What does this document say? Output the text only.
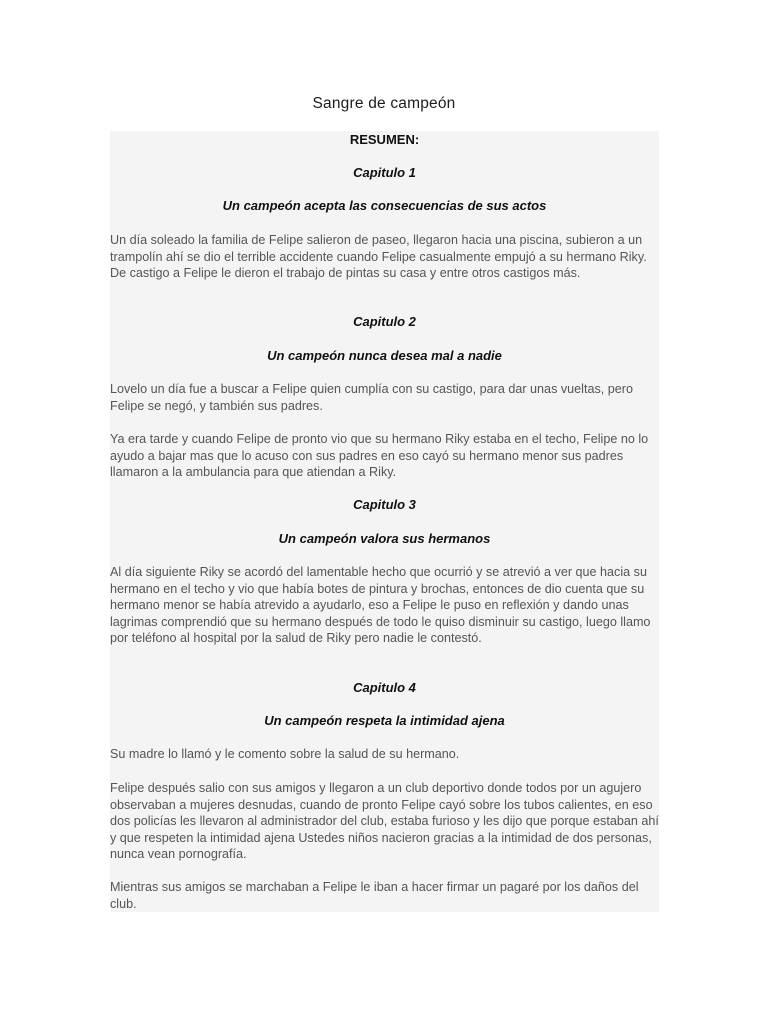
Sangre de campeón
RESUMEN:
Capitulo 1
Un campeón acepta las consecuencias de sus actos
Un día soleado la familia de Felipe salieron de paseo, llegaron hacia una piscina, subieron a un trampolín ahí se dio el terrible accidente cuando Felipe casualmente empujó a su hermano Riky. De castigo a Felipe le dieron el trabajo de pintas su casa y entre otros castigos más.
Capitulo 2
Un campeón nunca desea mal a nadie
Lovelo un día fue a buscar a Felipe quien cumplía con su castigo, para dar unas vueltas, pero Felipe se negó, y también sus padres.
Ya era tarde y cuando Felipe de pronto vio que su hermano Riky estaba en el techo, Felipe no lo ayudo a bajar mas que lo acuso con sus padres en eso cayó su hermano menor sus padres llamaron a la ambulancia para que atiendan a Riky.
Capitulo 3
Un campeón valora sus hermanos
Al día siguiente Riky se acordó del lamentable hecho que ocurrió y se atrevió a ver que hacia su hermano en el techo y vio que había botes de pintura y brochas, entonces de dio cuenta que su hermano menor se había atrevido a ayudarlo, eso a Felipe le puso en reflexión y dando unas lagrimas comprendió que su hermano después de todo le quiso disminuir su castigo, luego llamo por teléfono al hospital por la salud de Riky pero nadie le contestó.
Capitulo 4
Un campeón respeta la intimidad ajena
Su madre lo llamó y le comento sobre la salud de su hermano.
Felipe después salio con sus amigos y llegaron a un club deportivo donde todos por un agujero observaban a mujeres desnudas, cuando de pronto Felipe cayó sobre los tubos calientes, en eso dos policías les llevaron al administrador del club, estaba furioso y les dijo que porque estaban ahí y que respeten la intimidad ajena Ustedes niños nacieron gracias a la intimidad de dos personas, nunca vean pornografía.
Mientras sus amigos se marchaban a Felipe le iban a hacer firmar un pagaré por los daños del club.
